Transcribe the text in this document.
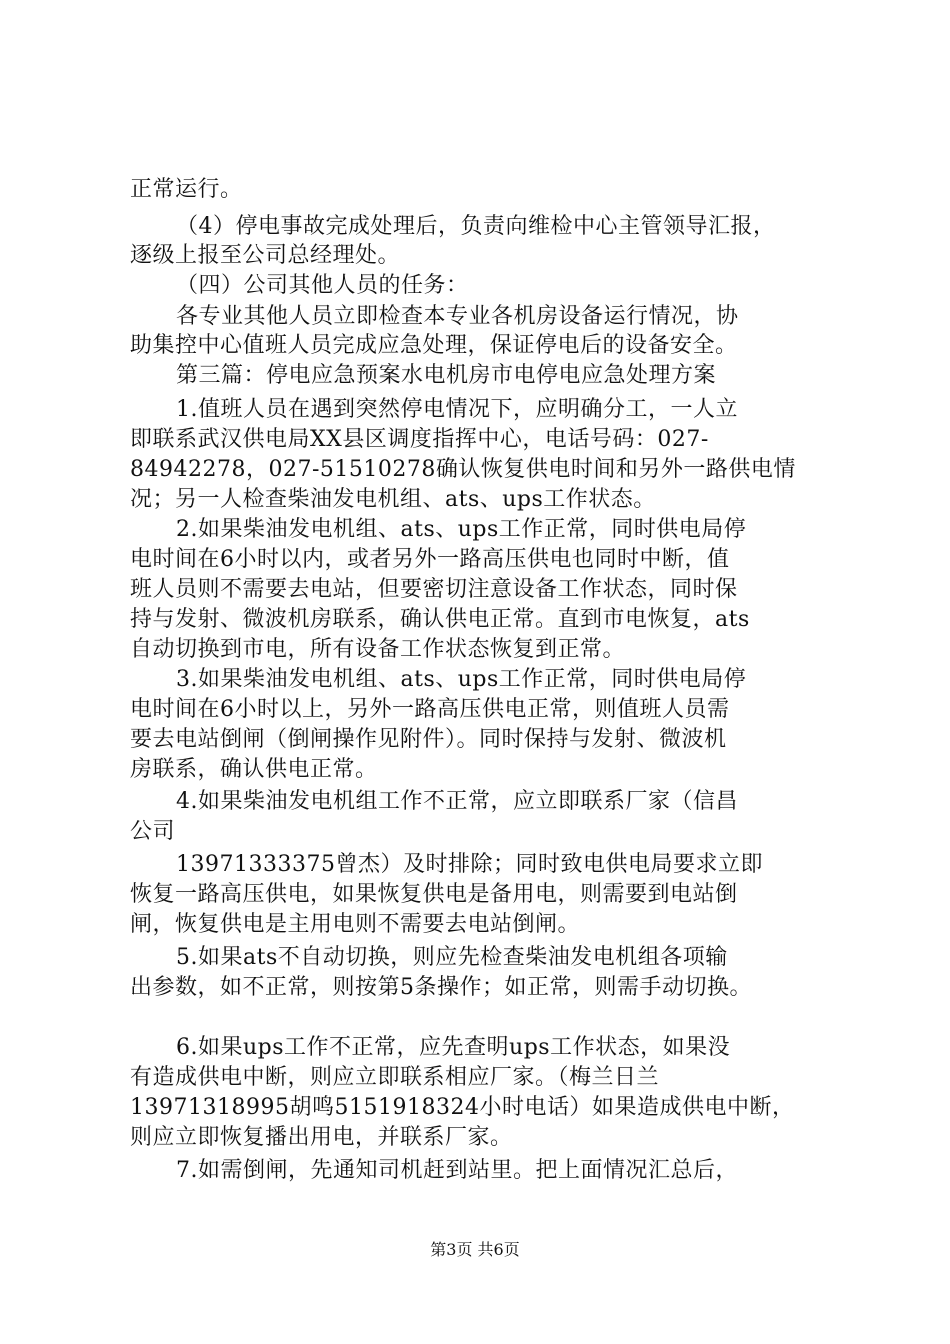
正常运行。
（4）停电事故完成处理后，负责向维检中心主管领导汇报，
逐级上报至公司总经理处。
（四）公司其他人员的任务：
各专业其他人员立即检查本专业各机房设备运行情况，协
助集控中心值班人员完成应急处理，保证停电后的设备安全。
第三篇：停电应急预案水电机房市电停电应急处理方案
1.值班人员在遇到突然停电情况下，应明确分工，一人立
即联系武汉供电局XX县区调度指挥中心，电话号码：027-
84942278，027-51510278确认恢复供电时间和另外一路供电情
况；另一人检查柴油发电机组、ats、ups工作状态。
2.如果柴油发电机组、ats、ups工作正常，同时供电局停
电时间在6小时以内，或者另外一路高压供电也同时中断，值
班人员则不需要去电站，但要密切注意设备工作状态，同时保
持与发射、微波机房联系，确认供电正常。直到市电恢复，ats
自动切换到市电，所有设备工作状态恢复到正常。
3.如果柴油发电机组、ats、ups工作正常，同时供电局停
电时间在6小时以上，另外一路高压供电正常，则值班人员需
要去电站倒闸（倒闸操作见附件）。同时保持与发射、微波机
房联系，确认供电正常。
4.如果柴油发电机组工作不正常，应立即联系厂家（信昌
公司
13971333375曾杰）及时排除；同时致电供电局要求立即
恢复一路高压供电，如果恢复供电是备用电，则需要到电站倒
闸，恢复供电是主用电则不需要去电站倒闸。
5.如果ats不自动切换，则应先检查柴油发电机组各项输
出参数，如不正常，则按第5条操作；如正常，则需手动切换。
6.如果ups工作不正常，应先查明ups工作状态，如果没
有造成供电中断，则应立即联系相应厂家。（梅兰日兰
13971318995胡鸣5151918324小时电话）如果造成供电中断，
则应立即恢复播出用电，并联系厂家。
7.如需倒闸，先通知司机赶到站里。把上面情况汇总后，
第3页 共6页
